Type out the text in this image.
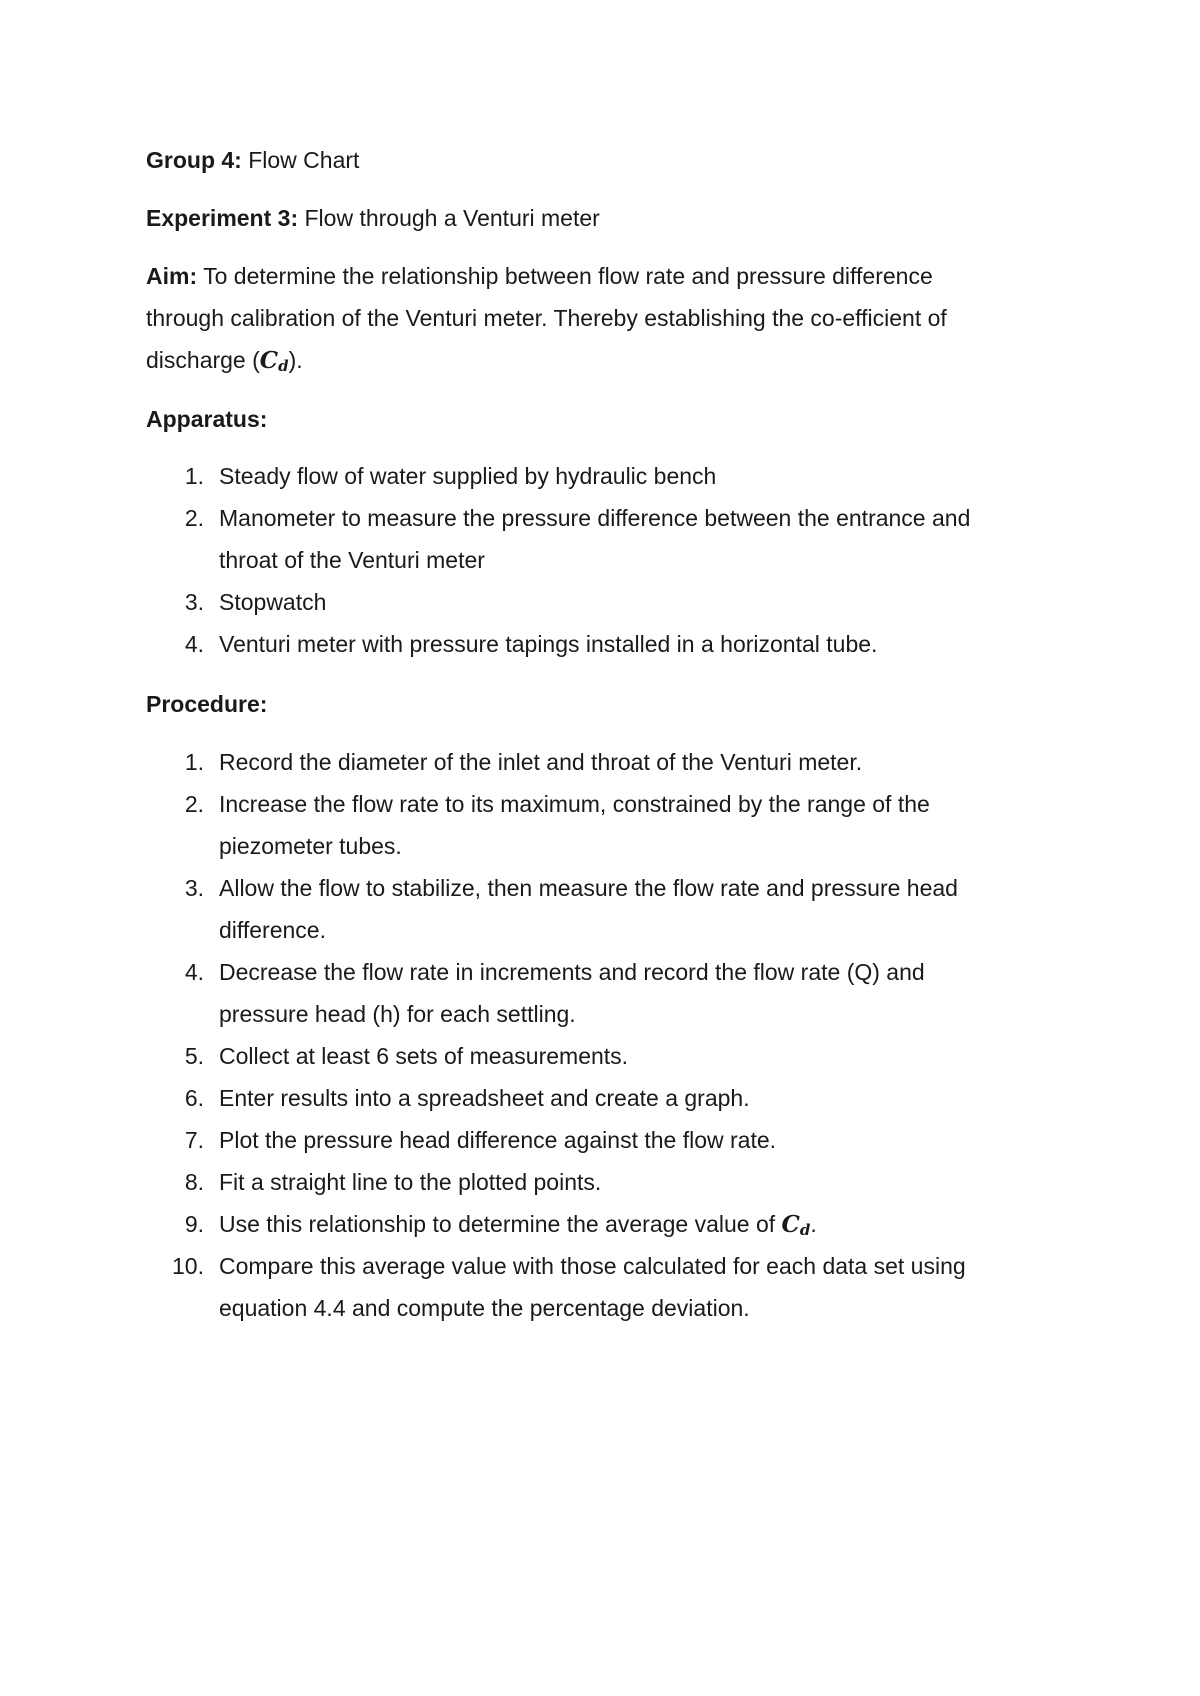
Group 4: Flow Chart
Experiment 3: Flow through a Venturi meter
Aim: To determine the relationship between flow rate and pressure difference
through calibration of the Venturi meter. Thereby establishing the co-efficient of
discharge $(C_d)$.
Apparatus:
1. Steady flow of water supplied by hydraulic bench
2. Manometer to measure the pressure difference between the entrance and
throat of the Venturi meter
3. Stopwatch
4. Venturi meter with pressure tapings installed in a horizontal tube.
Procedure:
1. Record the diameter of the inlet and throat of the Venturi meter.
2. Increase the flow rate to its maximum, constrained by the range of the
piezometer tubes.
3. Allow the flow to stabilize, then measure the flow rate and pressure head
difference.
4. Decrease the flow rate in increments and record the flow rate (Q) and
pressure head (h) for each settling.
5. Collect at least 6 sets of measurements.
6. Enter results into a spreadsheet and create a graph.
7. Plot the pressure head difference against the flow rate.
8. Fit a straight line to the plotted points.
9. Use this relationship to determine the average value of $C_d$.
10. Compare this average value with those calculated for each data set using
equation 4.4 and compute the percentage deviation.
